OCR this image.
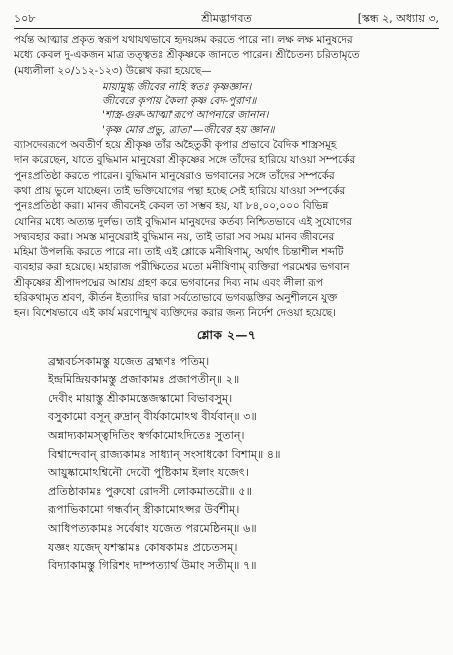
১০৮	শ্রীমদ্ভাগবত	[স্কন্ধ ২, অধ্যায় ৩,

পর্যন্ত আত্মার প্রকৃত স্বরূপ যথাযথভাবে হৃদয়ঙ্গম করতে পারে না। লক্ষ লক্ষ মানুষদের

মধ্যে কেবল দু-একজন মাত্র তত্ত্বতঃ শ্রীকৃষ্ণকে জানতে পারেন। শ্রীচৈতন্য চরিতামৃতে

(মধ্যলীলা ২০/১১২-১২৩) উল্লেখ করা হয়েছে—

মায়ামুগ্ধ জীবের নাহি স্বতঃ কৃষ্ণজ্ঞান।
জীবেরে কৃপায় কৈলা কৃষ্ণ বেদ-পুরাণ॥
'শাস্ত্র-গুরু-আত্মা'রূপে আপনারে জানান।
'কৃষ্ণ মোর প্রভু, ত্রাতা'—জীবের হয় জ্ঞান॥

ব্যাসদেবরূপে অবতীর্ণ হয়ে শ্রীকৃষ্ণ তাঁর অহৈতুকী কৃপার প্রভাবে বৈদিক শাস্ত্রসমূহ

দান করেছেন, যাতে বুদ্ধিমান মানুষেরা শ্রীকৃষ্ণের সঙ্গে তাঁদের হারিয়ে যাওয়া সম্পর্কের

পুনঃপ্রতিষ্ঠা করতে পারেন। বুদ্ধিমান মানুষেরাও ভগবানের সঙ্গে তাঁদের সম্পর্কের

কথা প্রায় ভুলে যাচ্ছেন। তাই ভক্তিযোগের পন্থা হচ্ছে সেই হারিয়ে যাওয়া সম্পর্কের

পুনঃপ্রতিষ্ঠা করা। মানব জীবনেই কেবল তা সম্ভব হয়, যা ৮৪,০০,০০০ বিভিন্ন

যোনির মধ্যে অত্যন্ত দুর্লভ। তাই বুদ্ধিমান মানুষদের কর্তব্য নিশ্চিতভাবে এই সুযোগের

সদ্ব্যবহার করা। সমস্ত মানুষেরাই বুদ্ধিমান নয়, তাই তারা সব সময় মানব জীবনের

মহিমা উপলব্ধি করতে পারে না। তাই এই শ্লোকে মনীষিণাম্‌, অর্থাৎ চিন্তাশীল শব্দটি

ব্যবহার করা হয়েছে। মহারাজ পরীক্ষিতের মতো মনীষিণাম্‌ ব্যক্তিরা পরমেশ্বর ভগবান

শ্রীকৃষ্ণের শ্রীপাদপদ্মের আশ্রয় গ্রহণ করে ভগবানের দিব্য নাম এবং লীলা রূপ

হরিকথামৃত শ্রবণ, কীর্তন ইত্যাদির দ্বারা সর্বতোভাবে ভগবদ্ভক্তির অনুশীলনে যুক্ত

হন। বিশেষভাবে এই কার্য মরণোন্মুখ ব্যক্তিদের করার জন্য নির্দেশ দেওয়া হয়েছে।

শ্লোক ২—৭
ব্রহ্মবর্চসকামস্তু যজেত ব্রহ্মণঃ পতিম্‌।
ইন্দ্রমিন্দ্রিয়কামস্তু প্রজাকামঃ প্রজাপতীন্‌॥ ২॥
দেবীং মায়াস্তু শ্রীকামস্তেজস্কামো বিভাবসুম্‌।
বসুকামো বসূন্‌ রুদ্রান্‌ বীর্যকামোঽথ বীর্যবান্‌॥ ৩॥
অন্নাদ্যকামস্ত্বদিতিং স্বর্গকামোঽদিতেঃ সুতান্‌।
বিশ্বান্দেবান্‌ রাজ্যকামঃ সাধ্যান্‌ সংসাধকো বিশাম্‌॥ ৪॥
আয়ুষ্কামোঽশ্বিনৌ দেবৌ পুষ্টিকাম ইলাং যজেৎ।
প্রতিষ্ঠাকামঃ পুরুষো রোদসী লোকমাতরৌ॥ ৫॥
রূপাভিকামো গন্ধর্বান্‌ স্ত্রীকামোঽপ্সর উর্বশীম্‌।
আধিপত্যকামঃ সর্বেষাং যজেত পরমেষ্ঠিনম্‌॥ ৬॥
যজ্ঞং যজেদ্‌ যশস্কামঃ কোষকামঃ প্রচেতসম্‌।
বিদ্যাকামস্তু গিরিশং দাম্পত্যার্থ উমাং সতীম্‌॥ ৭॥
